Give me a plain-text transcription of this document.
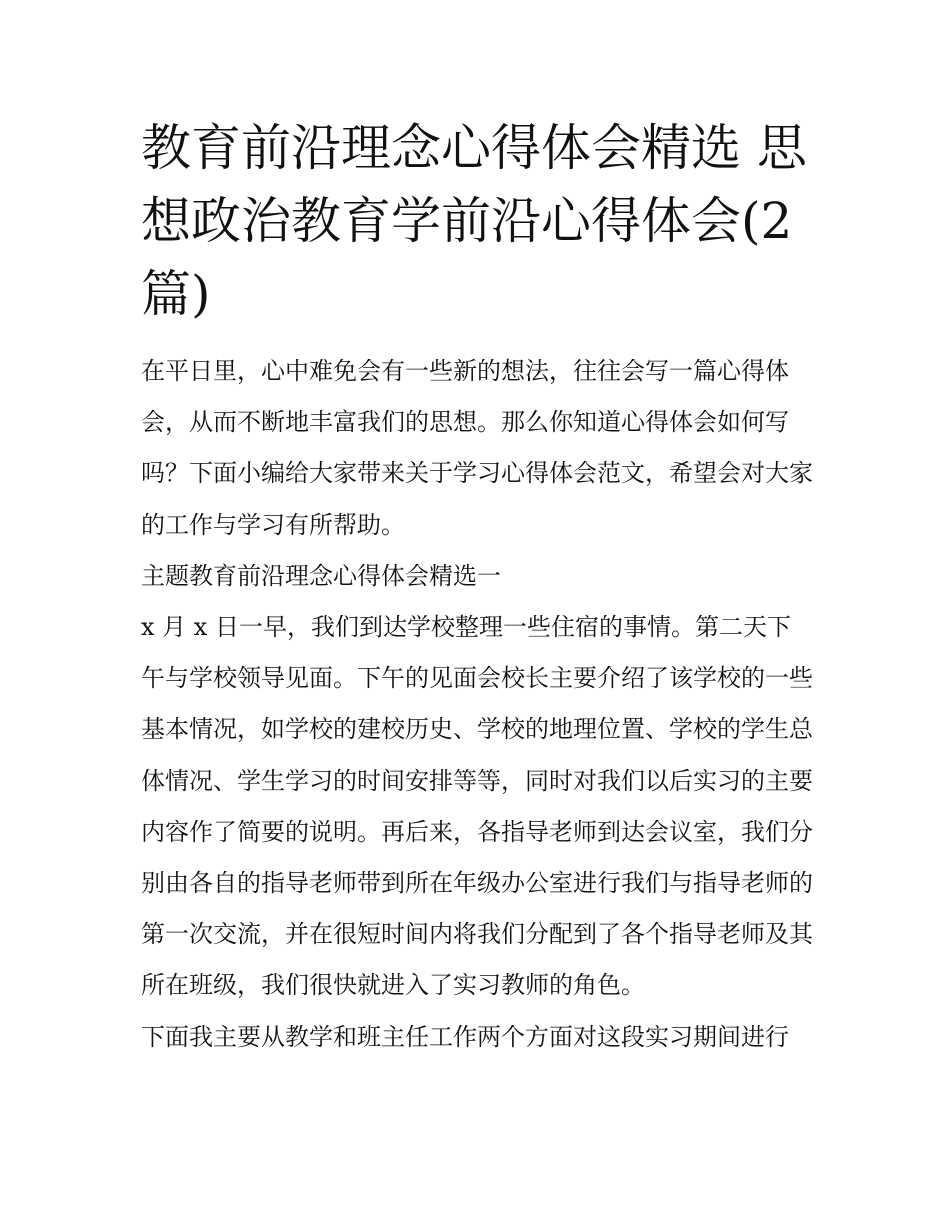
教育前沿理念心得体会精选 思想政治教育学前沿心得体会(2篇)

在平日里，心中难免会有一些新的想法，往往会写一篇心得体会，从而不断地丰富我们的思想。那么你知道心得体会如何写吗？下面小编给大家带来关于学习心得体会范文，希望会对大家的工作与学习有所帮助。

主题教育前沿理念心得体会精选一

x 月 x 日一早，我们到达学校整理一些住宿的事情。第二天下午与学校领导见面。下午的见面会校长主要介绍了该学校的一些基本情况，如学校的建校历史、学校的地理位置、学校的学生总体情况、学生学习的时间安排等等，同时对我们以后实习的主要内容作了简要的说明。再后来，各指导老师到达会议室，我们分别由各自的指导老师带到所在年级办公室进行我们与指导老师的第一次交流，并在很短时间内将我们分配到了各个指导老师及其所在班级，我们很快就进入了实习教师的角色。

下面我主要从教学和班主任工作两个方面对这段实习期间进行
